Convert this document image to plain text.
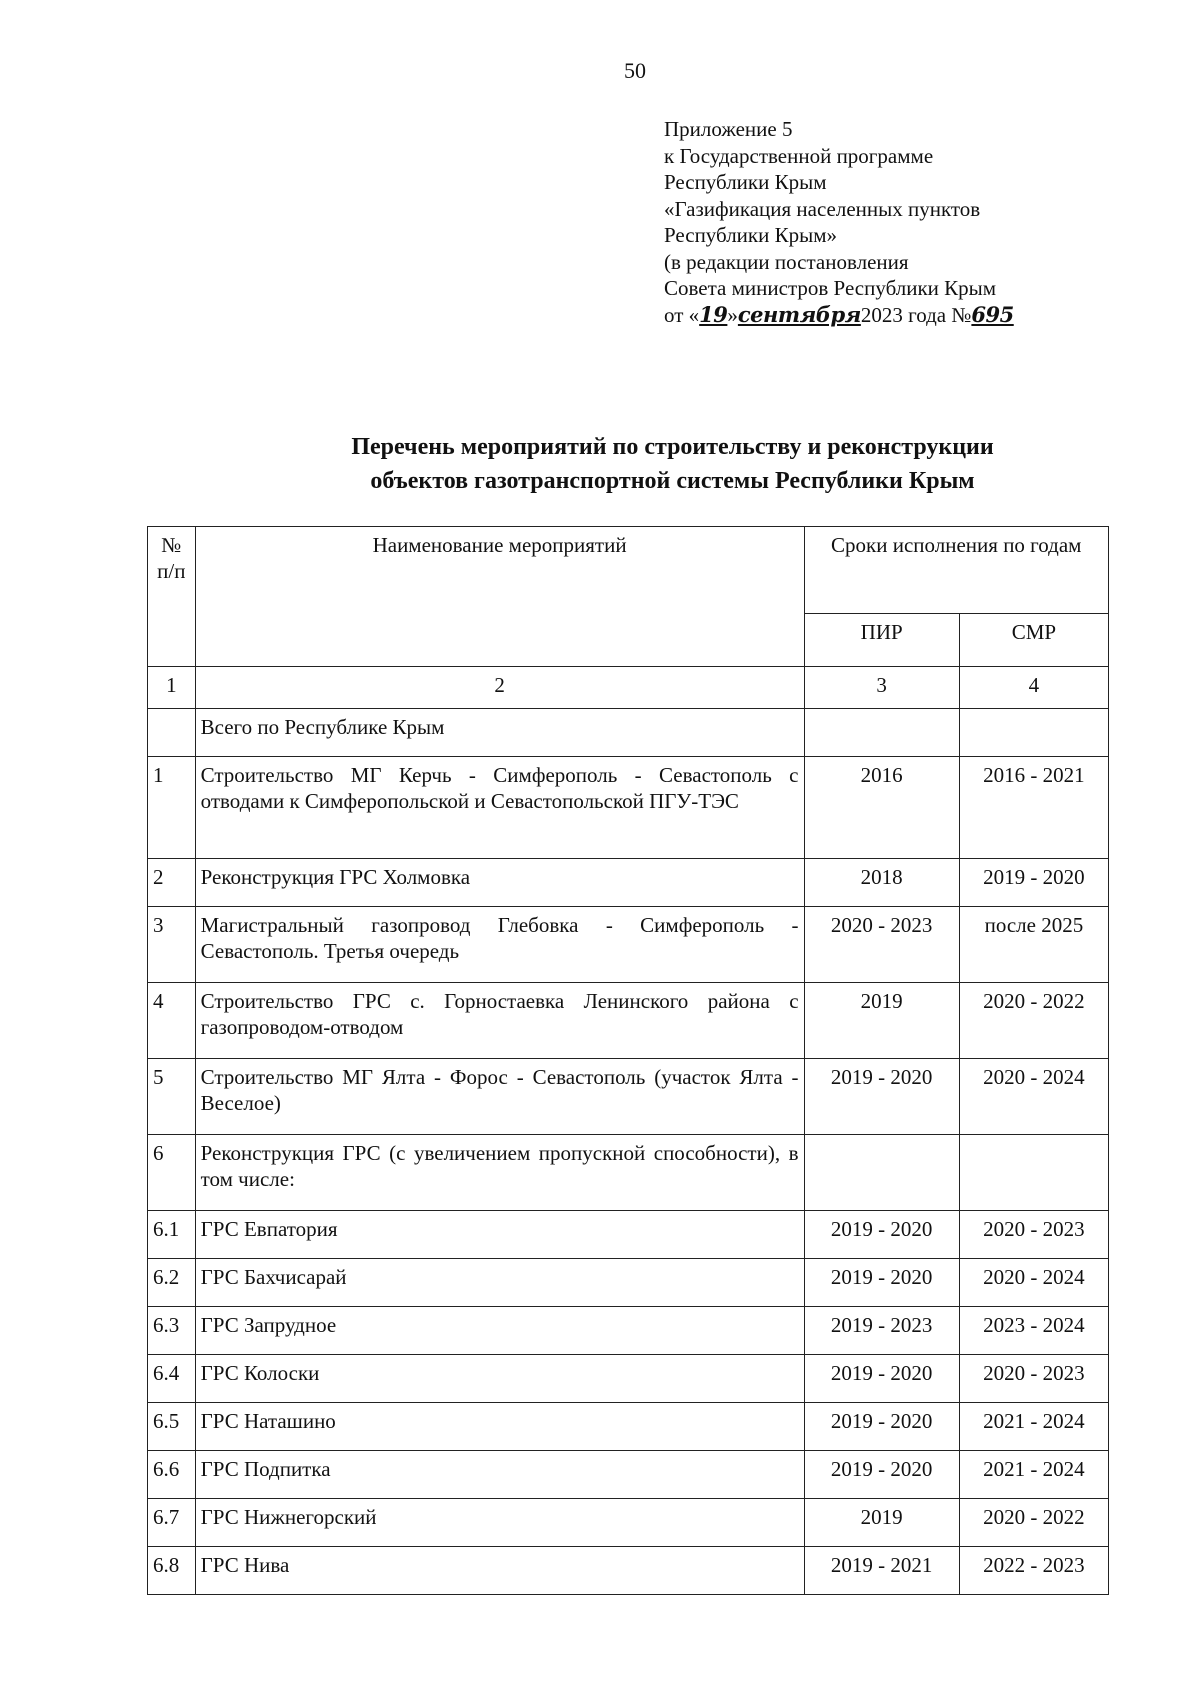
50
Приложение 5
к Государственной программе
Республики Крым
«Газификация населенных пунктов
Республики Крым»
(в редакции постановления
Совета министров Республики Крым
от «19»сентября2023 года №695
Перечень мероприятий по строительству и реконструкции
объектов газотранспортной системы Республики Крым
№ п/п	Наименование мероприятий	Сроки исполнения по годам	
		ПИР	СМР
1	2	3	4
	Всего по Республике Крым		
1	Строительство МГ Керчь - Симферополь - Севастополь с отводами к Симферопольской и Севастопольской ПГУ-ТЭС	2016	2016 - 2021
2	Реконструкция ГРС Холмовка	2018	2019 - 2020
3	Магистральный газопровод Глебовка - Симферополь - Севастополь. Третья очередь	2020 - 2023	после 2025
4	Строительство ГРС с. Горностаевка Ленинского района с газопроводом-отводом	2019	2020 - 2022
5	Строительство МГ Ялта - Форос - Севастополь (участок Ялта - Веселое)	2019 - 2020	2020 - 2024
6	Реконструкция ГРС (с увеличением пропускной способности), в том числе:		
6.1	ГРС Евпатория	2019 - 2020	2020 - 2023
6.2	ГРС Бахчисарай	2019 - 2020	2020 - 2024
6.3	ГРС Запрудное	2019 - 2023	2023 - 2024
6.4	ГРС Колоски	2019 - 2020	2020 - 2023
6.5	ГРС Наташино	2019 - 2020	2021 - 2024
6.6	ГРС Подпитка	2019 - 2020	2021 - 2024
6.7	ГРС Нижнегорский	2019	2020 - 2022
6.8	ГРС Нива	2019 - 2021	2022 - 2023
